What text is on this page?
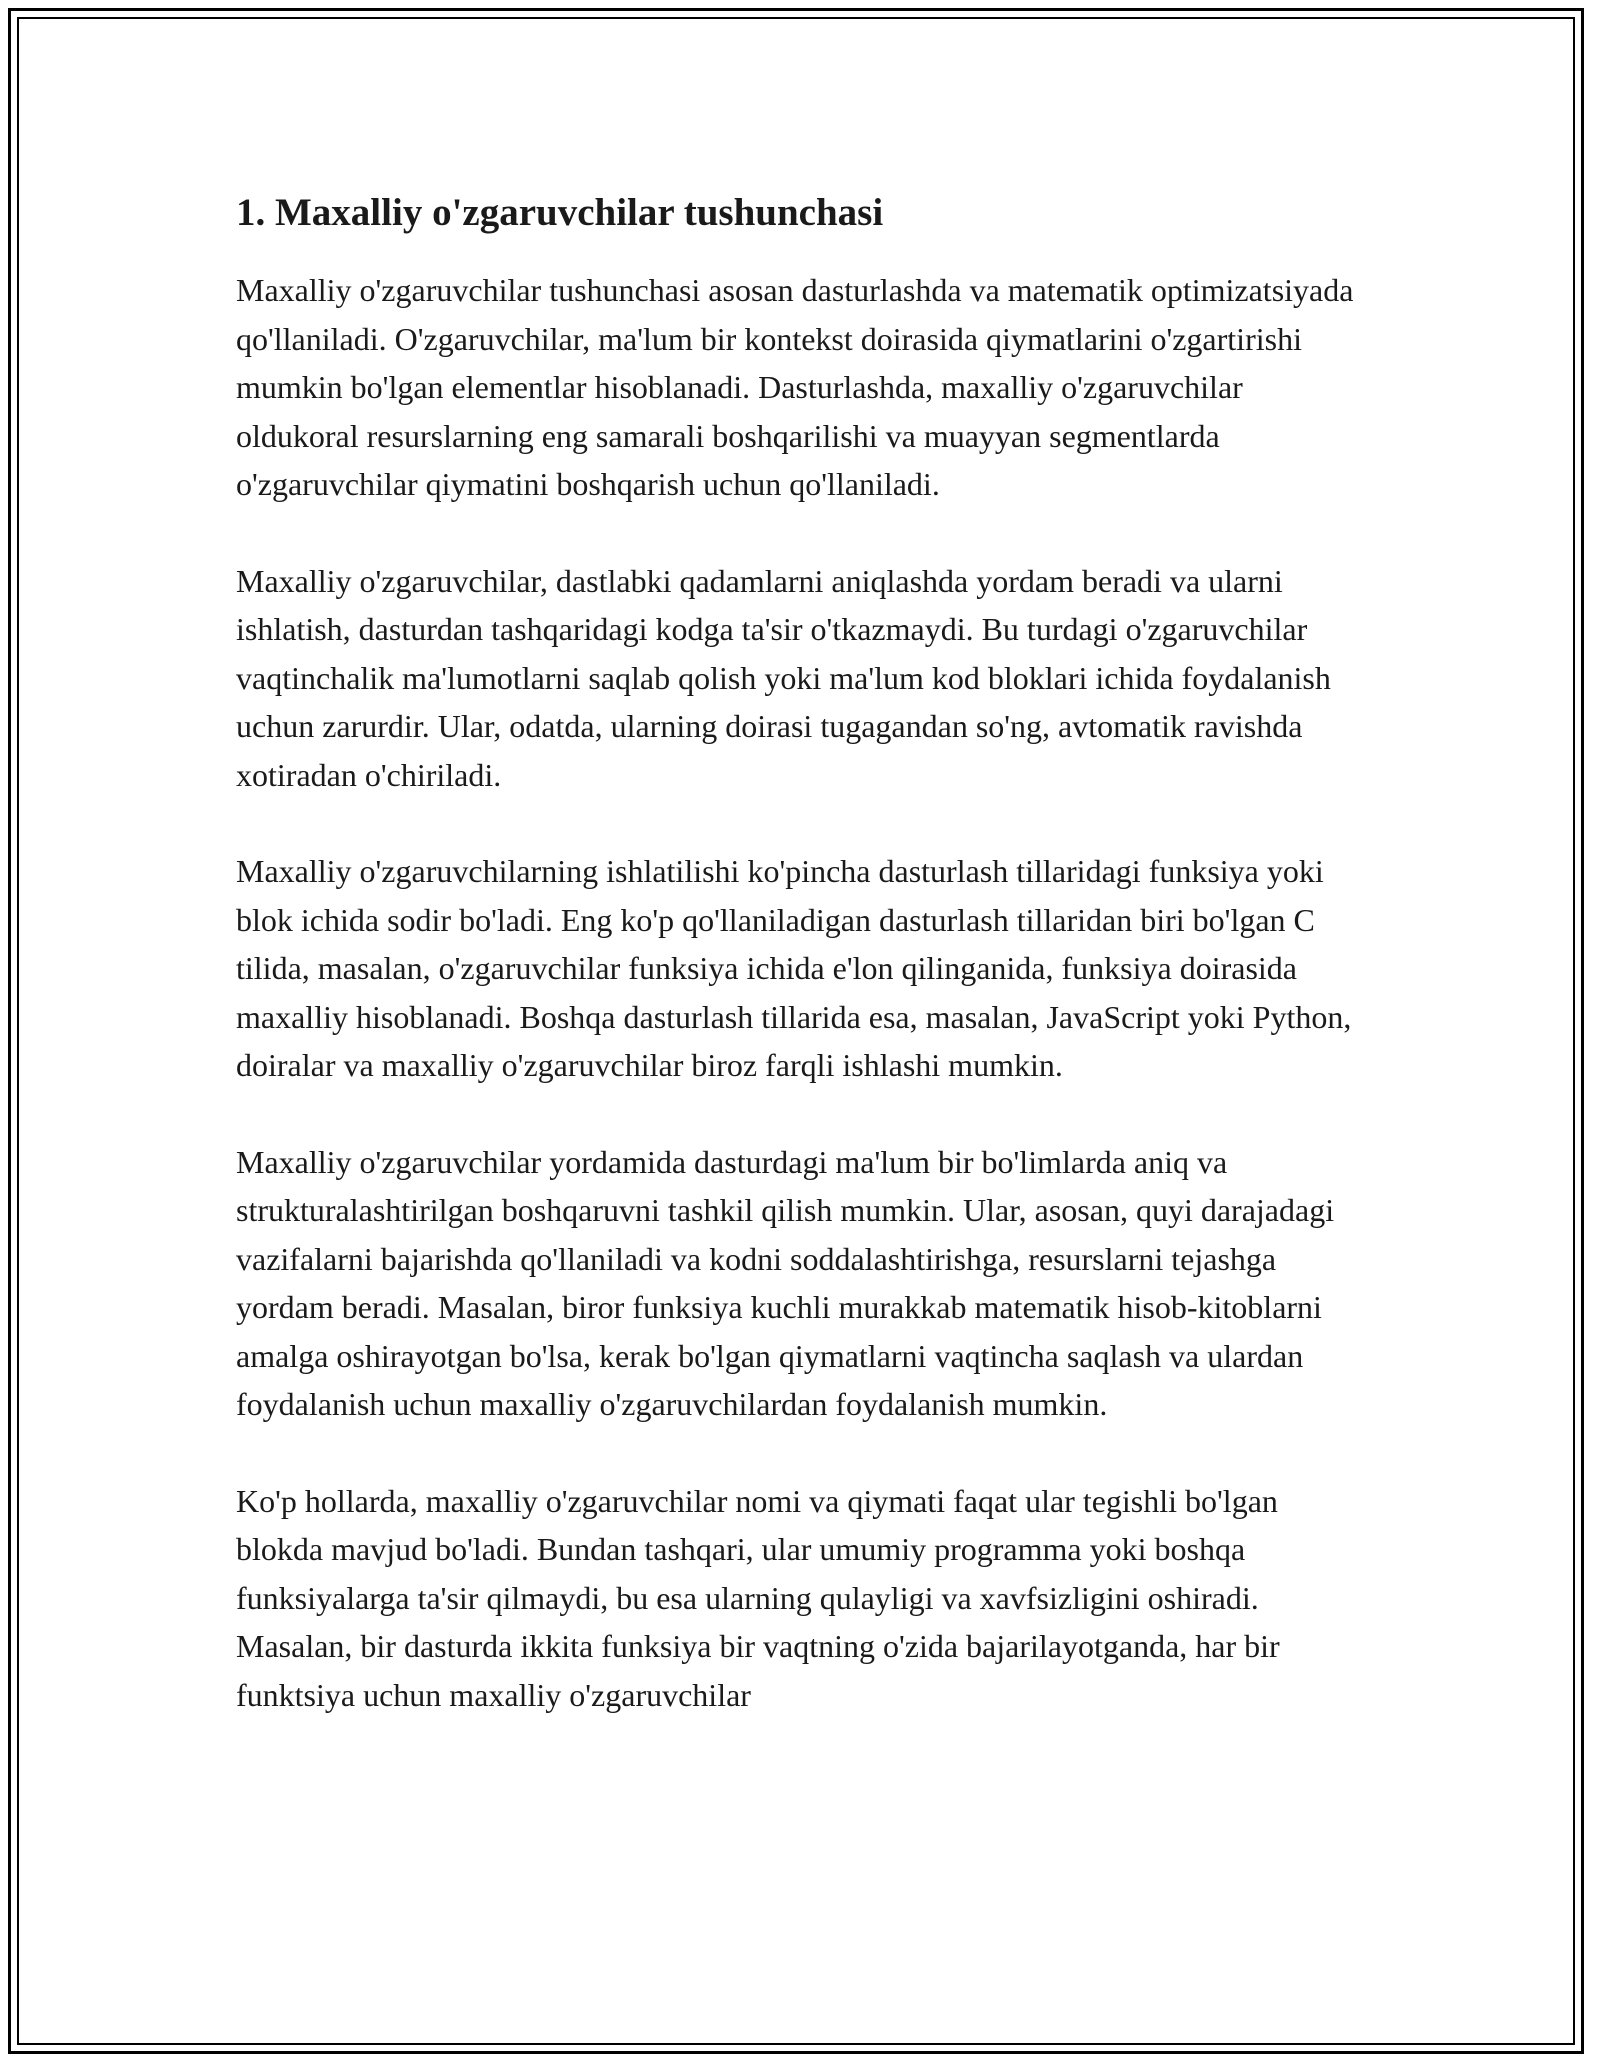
1. Maxalliy o'zgaruvchilar tushunchasi

Maxalliy o'zgaruvchilar tushunchasi asosan dasturlashda va matematik optimizatsiyada qo'llaniladi. O'zgaruvchilar, ma'lum bir kontekst doirasida qiymatlarini o'zgartirishi mumkin bo'lgan elementlar hisoblanadi. Dasturlashda, maxalliy o'zgaruvchilar oldukoral resurslarning eng samarali boshqarilishi va muayyan segmentlarda o'zgaruvchilar qiymatini boshqarish uchun qo'llaniladi.

Maxalliy o'zgaruvchilar, dastlabki qadamlarni aniqlashda yordam beradi va ularni ishlatish, dasturdan tashqaridagi kodga ta'sir o'tkazmaydi. Bu turdagi o'zgaruvchilar vaqtinchalik ma'lumotlarni saqlab qolish yoki ma'lum kod bloklari ichida foydalanish uchun zarurdir. Ular, odatda, ularning doirasi tugagandan so'ng, avtomatik ravishda xotiradan o'chiriladi.

Maxalliy o'zgaruvchilarning ishlatilishi ko'pincha dasturlash tillaridagi funksiya yoki blok ichida sodir bo'ladi. Eng ko'p qo'llaniladigan dasturlash tillaridan biri bo'lgan C tilida, masalan, o'zgaruvchilar funksiya ichida e'lon qilinganida, funksiya doirasida maxalliy hisoblanadi. Boshqa dasturlash tillarida esa, masalan, JavaScript yoki Python, doiralar va maxalliy o'zgaruvchilar biroz farqli ishlashi mumkin.

Maxalliy o'zgaruvchilar yordamida dasturdagi ma'lum bir bo'limlarda aniq va strukturalashtirilgan boshqaruvni tashkil qilish mumkin. Ular, asosan, quyi darajadagi vazifalarni bajarishda qo'llaniladi va kodni soddalashtirishga, resurslarni tejashga yordam beradi. Masalan, biror funksiya kuchli murakkab matematik hisob-kitoblarni amalga oshirayotgan bo'lsa, kerak bo'lgan qiymatlarni vaqtincha saqlash va ulardan foydalanish uchun maxalliy o'zgaruvchilardan foydalanish mumkin.

Ko'p hollarda, maxalliy o'zgaruvchilar nomi va qiymati faqat ular tegishli bo'lgan blokda mavjud bo'ladi. Bundan tashqari, ular umumiy programma yoki boshqa funksiyalarga ta'sir qilmaydi, bu esa ularning qulayligi va xavfsizligini oshiradi. Masalan, bir dasturda ikkita funksiya bir vaqtning o'zida bajarilayotganda, har bir funktsiya uchun maxalliy o'zgaruvchilar
